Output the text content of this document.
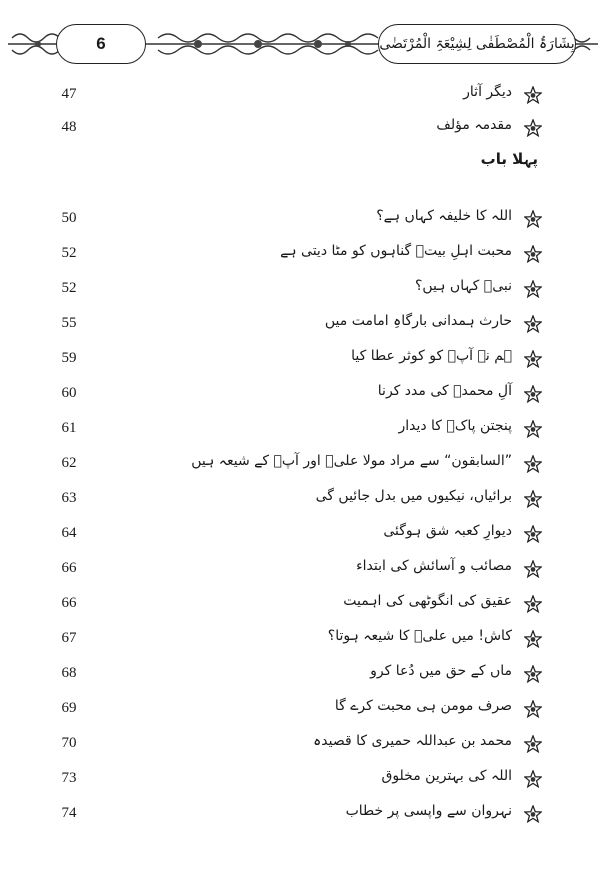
6	بِشَارَۃُ الْمُصْطَفٰی لِشِیْعَۃِ الْمُرْتَضٰی
47	دیگر آثار
48	مقدمہ مؤلف
پہلا باب
50	اللہ کا خلیفہ کہاں ہے؟
52	محبت اہلِ بیتؑ گناہوں کو مٹا دیتی ہے
52	نبیؐ کہاں ہیں؟
55	حارث ہمدانی بارگاہِ امامت میں
59	ہم نے آپؐ کو کوثر عطا کیا
60	آلِ محمدؑ کی مدد کرنا
61	پنجتن پاکؑ کا دیدار
62	”السابقون“ سے مراد مولا علیؑ اور آپؑ کے شیعہ ہیں
63	برائیاں، نیکیوں میں بدل جائیں گی
64	دیوارِ کعبہ شق ہوگئی
66	مصائب و آسائش کی ابتداء
66	عقیق کی انگوٹھی کی اہمیت
67	کاش! میں علیؑ کا شیعہ ہوتا؟
68	ماں کے حق میں دُعا کرو
69	صرف مومن ہی محبت کرے گا
70	محمد بن عبداللہ حمیری کا قصیدہ
73	اللہ کی بہترین مخلوق
74	نہروان سے واپسی پر خطاب
